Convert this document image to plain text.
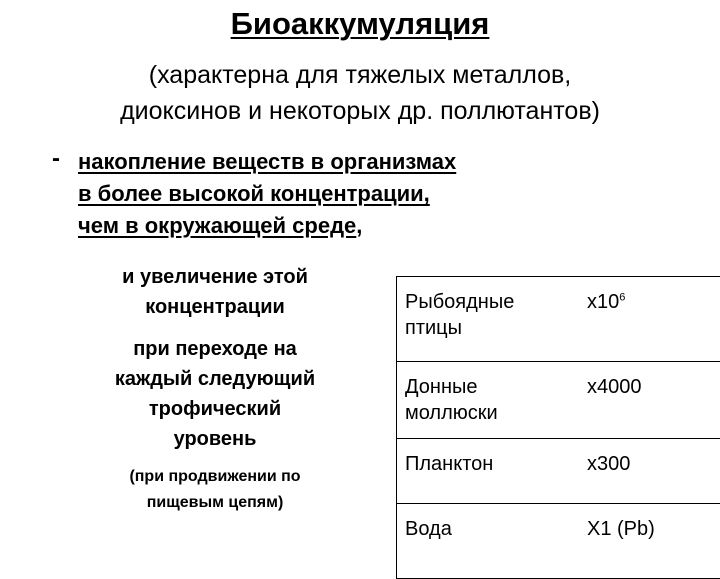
Биоаккумуляция
(характерна для тяжелых металлов,
диоксинов и некоторых др. поллютантов)
- накопление веществ в организмах
в более высокой концентрации,
чем в окружающей среде,
и увеличение этой
концентрации
при переходе на
каждый следующий
трофический
уровень
(при продвижении по
пищевым цепям)
Рыбоядные птицы	$x10^6$
Донные моллюски	x4000
Планктон	x300
Вода	X1 (Pb)
